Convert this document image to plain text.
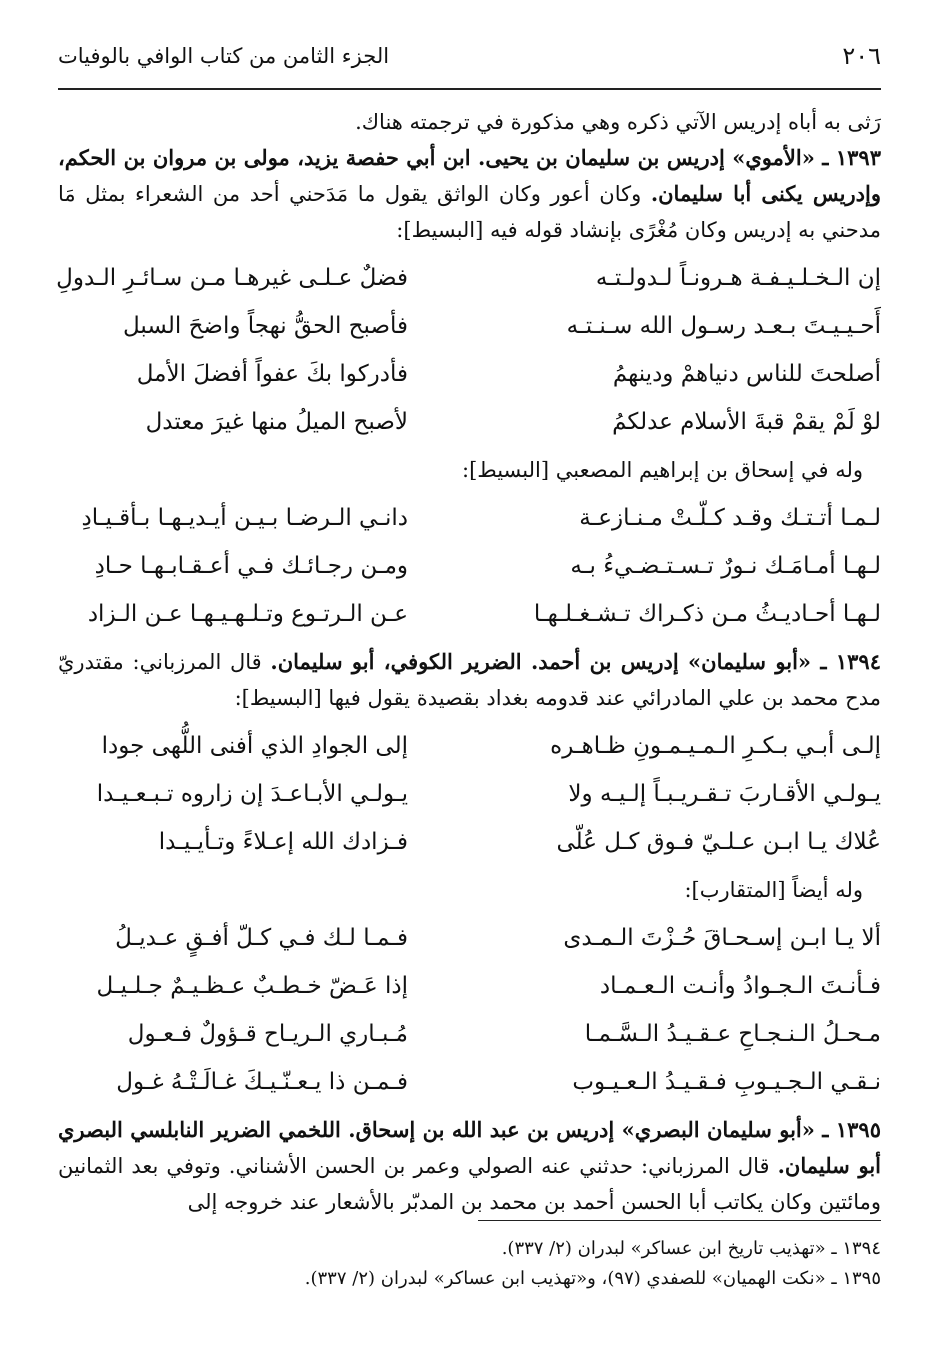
٢٠٦
الجزء الثامن من كتاب الوافي بالوفيات

رَثى به أباه إدريس الآتي ذكره وهي مذكورة في ترجمته هناك.

١٣٩٣ ـ «الأموي» إدريس بن سليمان بن يحيى. ابن أبي حفصة يزيد، مولى بن مروان بن الحكم، وإدريس يكنى أبا سليمان. وكان أعور وكان الواثق يقول ما مَدَحني أحد من الشعراء بمثل مَا مدحني به إدريس وكان مُغْرًى بإنشاد قوله فيه [البسيط]:

إن الـخـلـيـفـة هـرونـاً لـدولـتـه
فضلٌ عـلـى غيرهـا مـن سـائـرِ الـدولِ
أَحـيـيـتَ بـعـد رسـول الله سـنـتـه
فأصبح الحقُّ نهجاً واضحَ السبل
أصلحتَ للناس دنياهمْ ودينهمُ
فأدركوا بكَ عفواً أفضلَ الأمل
لوْ لَمْ يقمْ قبةَ الأسلام عدلكمُ
لأصبح الميلُ منها غيرَ معتدل

وله في إسحاق بن إبراهيم المصعبي [البسيط]:

لـمـا أتـتـك وقـد كـلّـتْ مـنـازعـة
دانـي الـرضـا بـيـن أيـديـهـا بـأقـيـادِ
لـهـا أمـامَـك نـورٌ تـسـتـضـيءُ بـه
ومـن رجـائـك فـي أعـقـابـهـا حـادِ
لـهـا أحـاديـثُ مـن ذكـراك تـشـغـلـهـا
عـن الـرتـوع وتـلـهـيـهـا عـن الـزاد

١٣٩٤ ـ «أبو سليمان» إدريس بن أحمد. الضرير الكوفي، أبو سليمان. قال المرزباني: مقتدريّ مدح محمد بن علي المادرائي عند قدومه بغداد بقصيدة يقول فيها [البسيط]:

إلـى أبـي بـكـرِ الـمـيـمـونِ ظـاهـره
إلى الجوادِ الذي أفنى اللُّهى جودا
يـولـي الأقـاربَ تـقـريـبـاً إلـيـه ولا
يـولـي الأبـاعـدَ إن زاروه تـبـعـيـدا
عُلاك يـا ابـن عـلـيّ فـوق كـل عُلّى
فـزادك الله إعـلاءً وتـأيـيـدا

وله أيضاً [المتقارب]:

ألا يـا ابـن إسـحـاقَ حُـزْتَ الـمـدى
فـمـا لـك فـي كـلّ أفـقٍ عـديـلُ
فـأنـتَ الـجـوادُ وأنـت الـعـمـاد
إذا عَـضّ خـطـبٌ عـظـيـمٌ جـلـيـل
مـحـلُ الـنـجـاحِ عـقـيـدُ الـسَّـمـا
مُـبـاري الـريـاح قـؤولٌ فـعـول
نـقـي الـجـيـوبِ فـقـيـدُ الـعـيـوب
فـمـن ذا يـعـنّـيـكَ غـالَـتْـهُ غـول

١٣٩٥ ـ «أبو سليمان البصري» إدريس بن عبد الله بن إسحاق. اللخمي الضرير النابلسي البصري أبو سليمان. قال المرزباني: حدثني عنه الصولي وعمر بن الحسن الأشناني. وتوفي بعد الثمانين ومائتين وكان يكاتب أبا الحسن أحمد بن محمد بن المدبّر بالأشعار عند خروجه إلى

١٣٩٤ ـ «تهذيب تاريخ ابن عساكر» لبدران (٢/ ٣٣٧).

١٣٩٥ ـ «نكت الهميان» للصفدي (٩٧)، و«تهذيب ابن عساكر» لبدران (٢/ ٣٣٧).
